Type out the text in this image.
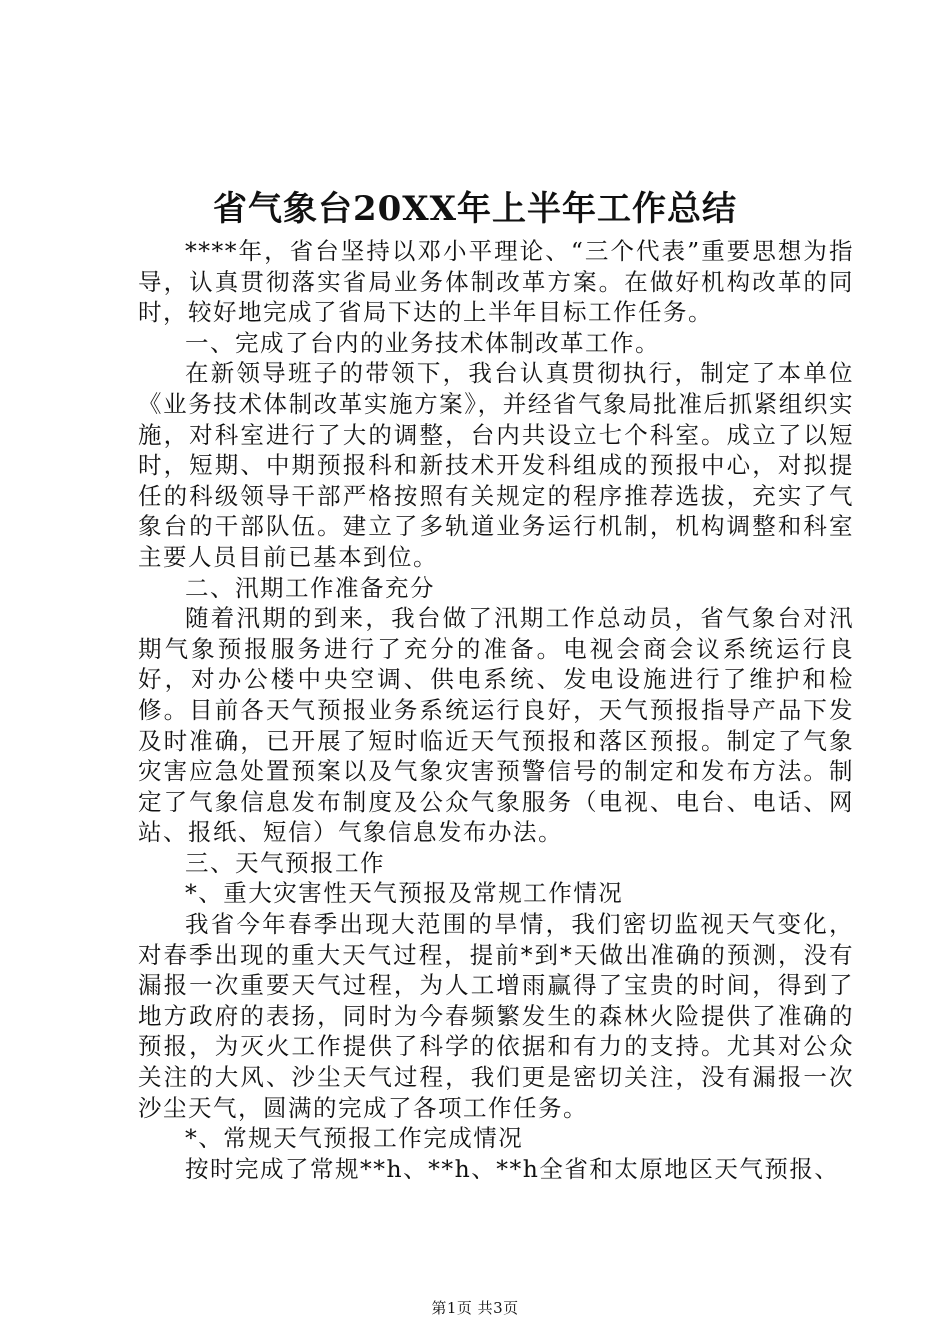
省气象台20XX年上半年工作总结

****年，省台坚持以邓小平理论、“三个代表”重要思想为指导，认真贯彻落实省局业务体制改革方案。在做好机构改革的同时，较好地完成了省局下达的上半年目标工作任务。

一、完成了台内的业务技术体制改革工作。

在新领导班子的带领下，我台认真贯彻执行，制定了本单位《业务技术体制改革实施方案》，并经省气象局批准后抓紧组织实施，对科室进行了大的调整，台内共设立七个科室。成立了以短时，短期、中期预报科和新技术开发科组成的预报中心，对拟提任的科级领导干部严格按照有关规定的程序推荐选拔，充实了气象台的干部队伍。建立了多轨道业务运行机制，机构调整和科室主要人员目前已基本到位。

二、汛期工作准备充分

随着汛期的到来，我台做了汛期工作总动员，省气象台对汛期气象预报服务进行了充分的准备。电视会商会议系统运行良好，对办公楼中央空调、供电系统、发电设施进行了维护和检修。目前各天气预报业务系统运行良好，天气预报指导产品下发及时准确，已开展了短时临近天气预报和落区预报。制定了气象灾害应急处置预案以及气象灾害预警信号的制定和发布方法。制定了气象信息发布制度及公众气象服务（电视、电台、电话、网站、报纸、短信）气象信息发布办法。

三、天气预报工作

*、重大灾害性天气预报及常规工作情况

我省今年春季出现大范围的旱情，我们密切监视天气变化，对春季出现的重大天气过程，提前*到*天做出准确的预测，没有漏报一次重要天气过程，为人工增雨赢得了宝贵的时间，得到了地方政府的表扬，同时为今春频繁发生的森林火险提供了准确的预报，为灭火工作提供了科学的依据和有力的支持。尤其对公众关注的大风、沙尘天气过程，我们更是密切关注，没有漏报一次沙尘天气，圆满的完成了各项工作任务。

*、常规天气预报工作完成情况

按时完成了常规**h、**h、**h全省和太原地区天气预报、

第1页 共3页
